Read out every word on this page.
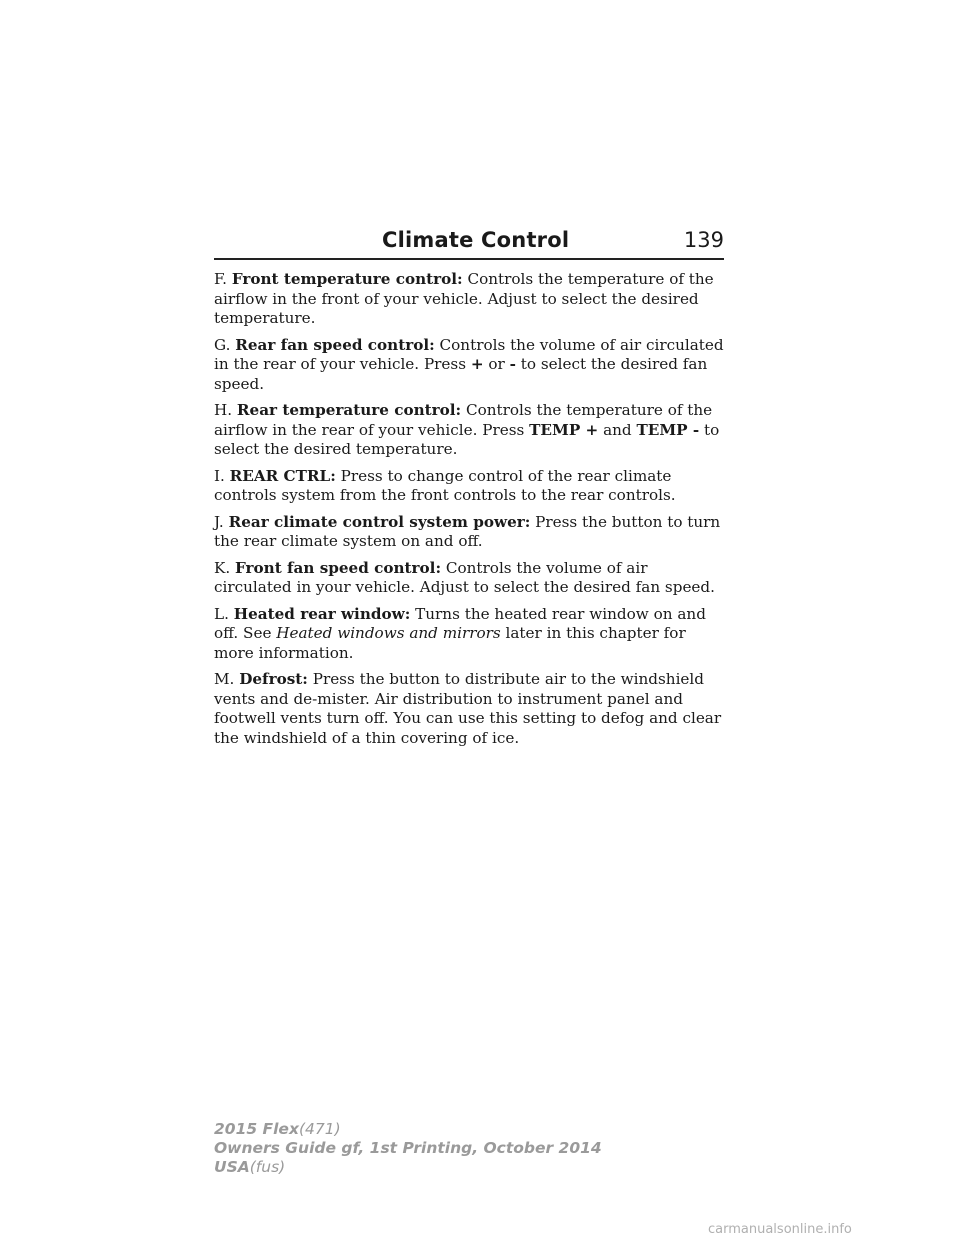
Climate Control	139

F. Front temperature control: Controls the temperature of the airflow in the front of your vehicle. Adjust to select the desired temperature.

G. Rear fan speed control: Controls the volume of air circulated in the rear of your vehicle. Press + or - to select the desired fan speed.

H. Rear temperature control: Controls the temperature of the airflow in the rear of your vehicle. Press TEMP + and TEMP - to select the desired temperature.

I. REAR CTRL: Press to change control of the rear climate controls system from the front controls to the rear controls.

J. Rear climate control system power: Press the button to turn the rear climate system on and off.

K. Front fan speed control: Controls the volume of air circulated in your vehicle. Adjust to select the desired fan speed.

L. Heated rear window: Turns the heated rear window on and off. See Heated windows and mirrors later in this chapter for more information.

M. Defrost: Press the button to distribute air to the windshield vents and de-mister. Air distribution to instrument panel and footwell vents turn off. You can use this setting to defog and clear the windshield of a thin covering of ice.

2015 Flex(471)
Owners Guide gf, 1st Printing, October 2014
USA(fus)
carmanualsonline.info
